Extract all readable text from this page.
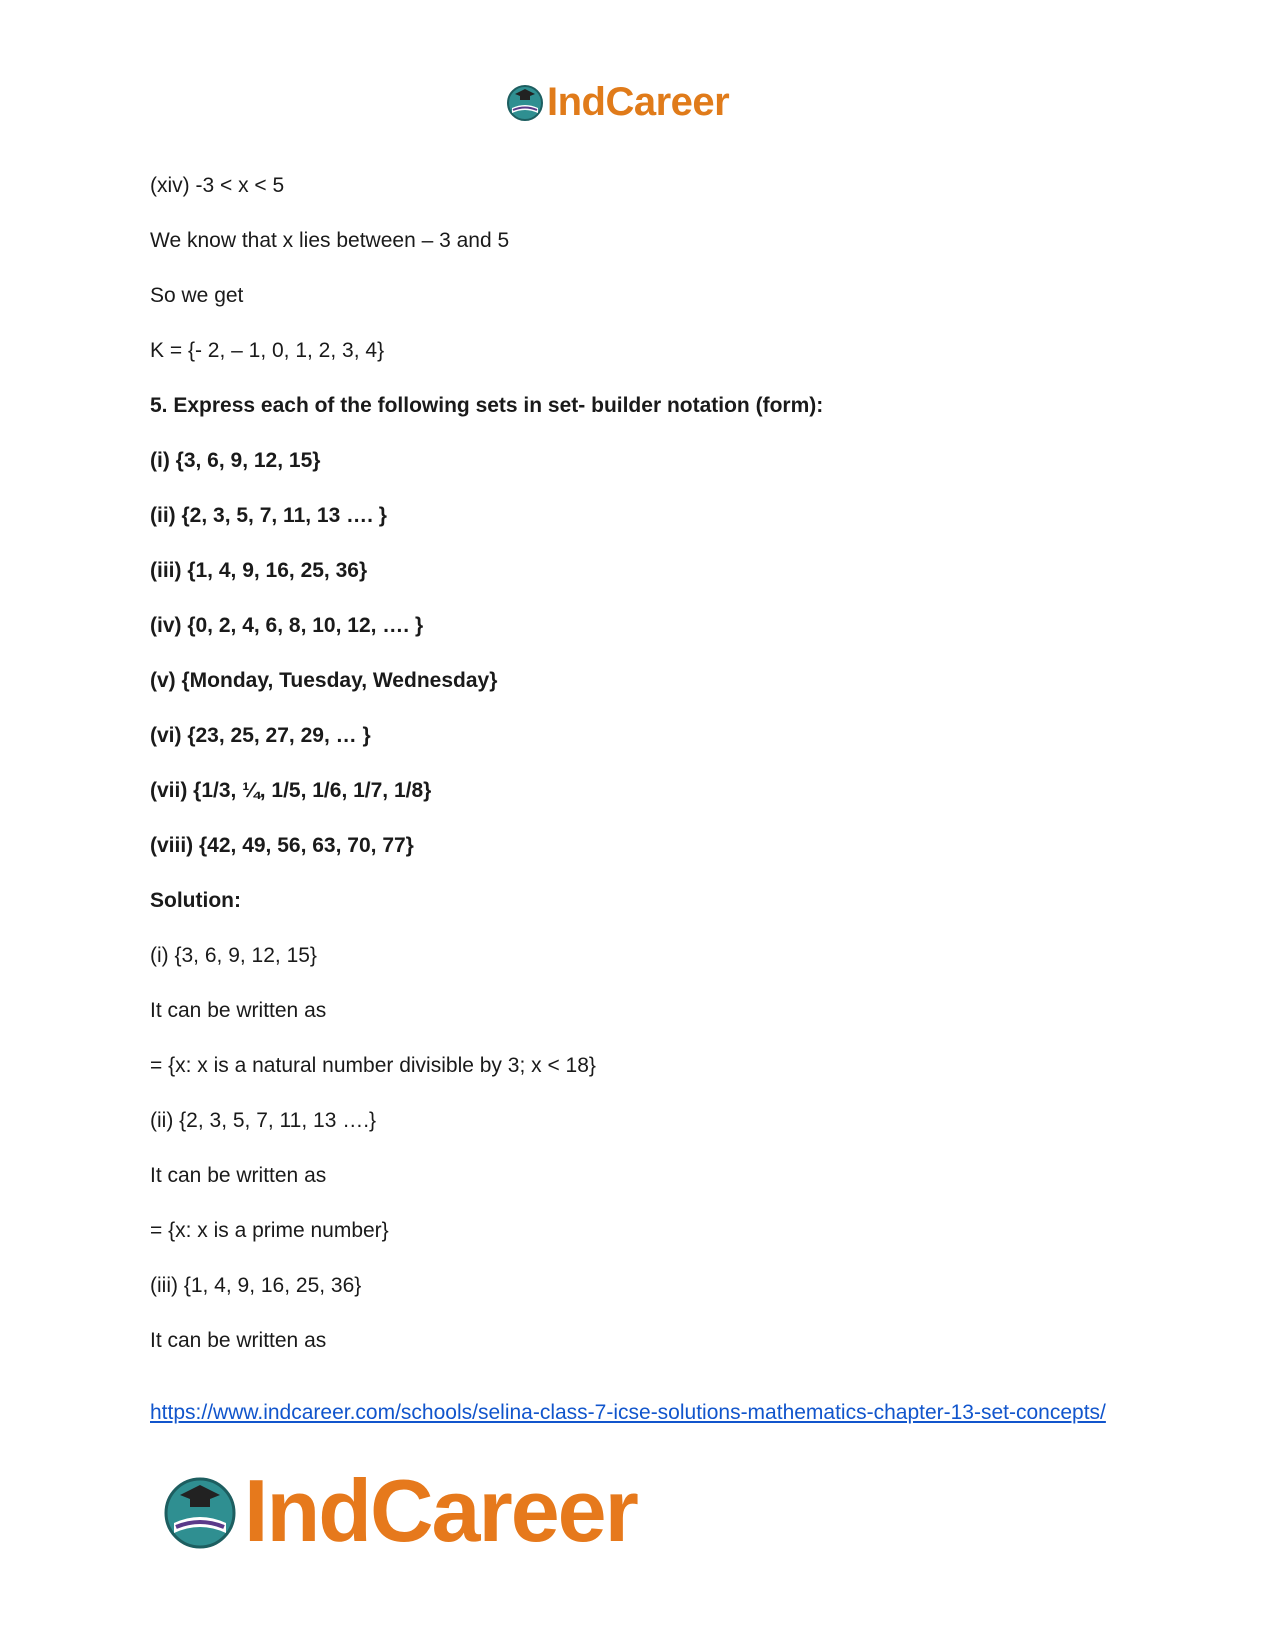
IndCareer
(xiv) -3 < x < 5
We know that x lies between – 3 and 5
So we get
K = {- 2, – 1, 0, 1, 2, 3, 4}
5. Express each of the following sets in set- builder notation (form):
(i) {3, 6, 9, 12, 15}
(ii) {2, 3, 5, 7, 11, 13 …. }
(iii) {1, 4, 9, 16, 25, 36}
(iv) {0, 2, 4, 6, 8, 10, 12, …. }
(v) {Monday, Tuesday, Wednesday}
(vi) {23, 25, 27, 29, … }
(vii) {1/3, ¼, 1/5, 1/6, 1/7, 1/8}
(viii) {42, 49, 56, 63, 70, 77}
Solution:
(i) {3, 6, 9, 12, 15}
It can be written as
= {x: x is a natural number divisible by 3; x < 18}
(ii) {2, 3, 5, 7, 11, 13 ….}
It can be written as
= {x: x is a prime number}
(iii) {1, 4, 9, 16, 25, 36}
It can be written as
https://www.indcareer.com/schools/selina-class-7-icse-solutions-mathematics-chapter-13-set-concepts/
IndCareer
